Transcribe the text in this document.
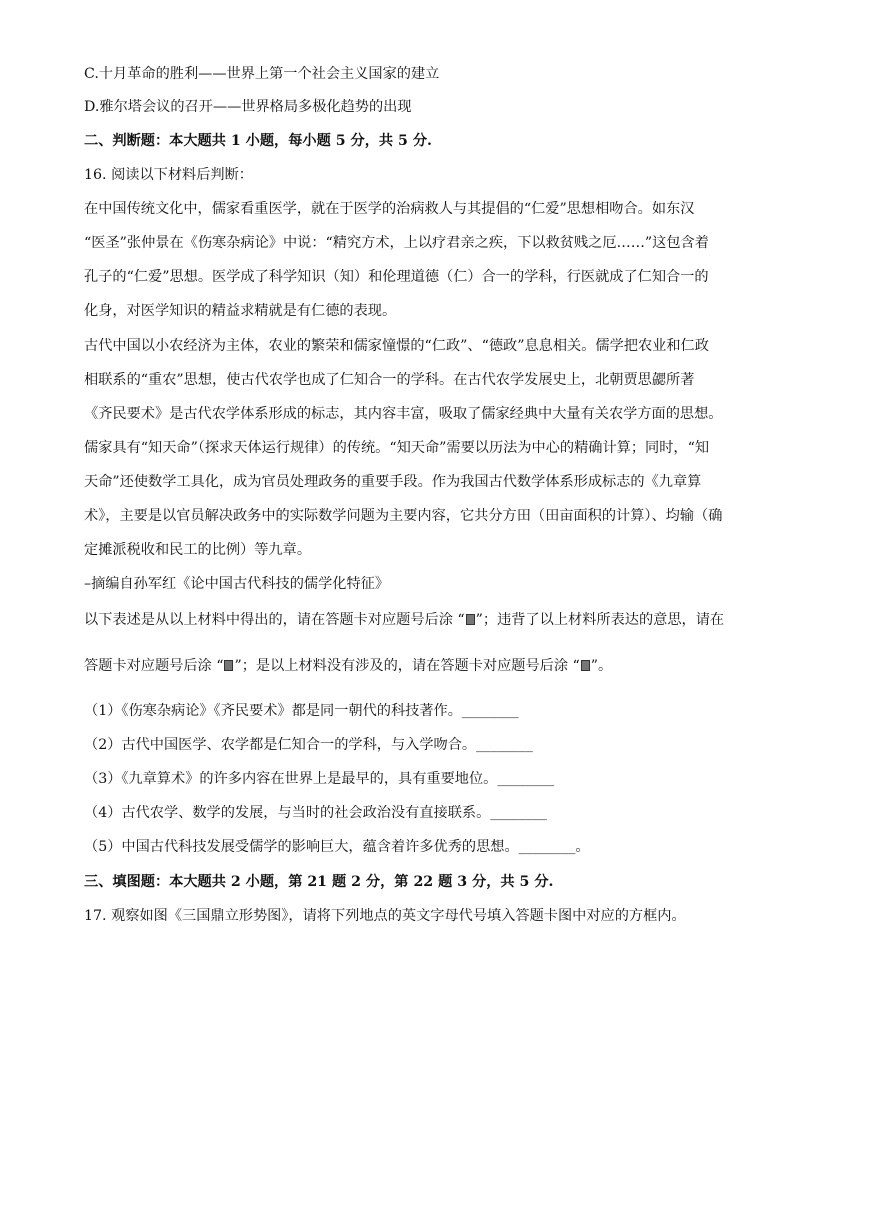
C.十月革命的胜利——世界上第一个社会主义国家的建立
D.雅尔塔会议的召开——世界格局多极化趋势的出现
二、判断题：本大题共 1 小题，每小题 5 分，共 5 分.
16. 阅读以下材料后判断：
在中国传统文化中，儒家看重医学，就在于医学的治病救人与其提倡的“仁爱”思想相吻合。如东汉
“医圣”张仲景在《伤寒杂病论》中说：“精究方术，上以疗君亲之疾，下以救贫贱之厄……”这包含着
孔子的“仁爱”思想。医学成了科学知识（知）和伦理道德（仁）合一的学科，行医就成了仁知合一的
化身，对医学知识的精益求精就是有仁德的表现。
古代中国以小农经济为主体，农业的繁荣和儒家憧憬的“仁政”、“德政”息息相关。儒学把农业和仁政
相联系的“重农”思想，使古代农学也成了仁知合一的学科。在古代农学发展史上，北朝贾思勰所著
《齐民要术》是古代农学体系形成的标志，其内容丰富，吸取了儒家经典中大量有关农学方面的思想。
儒家具有“知天命”（探求天体运行规律）的传统。“知天命”需要以历法为中心的精确计算；同时，“知
天命”还使数学工具化，成为官员处理政务的重要手段。作为我国古代数学体系形成标志的《九章算
术》，主要是以官员解决政务中的实际数学问题为主要内容，它共分方田（田亩面积的计算）、均输（确
定摊派税收和民工的比例）等九章。
–摘编自孙军红《论中国古代科技的儒学化特征》
以下表述是从以上材料中得出的，请在答题卡对应题号后涂 “ ”；违背了以上材料所表达的意思，请在
答题卡对应题号后涂 “ ”；是以上材料没有涉及的，请在答题卡对应题号后涂 “ ”。
（1）《伤寒杂病论》《齐民要术》都是同一朝代的科技著作。________
（2）古代中国医学、农学都是仁知合一的学科，与入学吻合。________
（3）《九章算术》的许多内容在世界上是最早的，具有重要地位。________
（4）古代农学、数学的发展，与当时的社会政治没有直接联系。________
（5）中国古代科技发展受儒学的影响巨大，蕴含着许多优秀的思想。________。
三、填图题：本大题共 2 小题，第 21 题 2 分，第 22 题 3 分，共 5 分.
17. 观察如图《三国鼎立形势图》，请将下列地点的英文字母代号填入答题卡图中对应的方框内。
